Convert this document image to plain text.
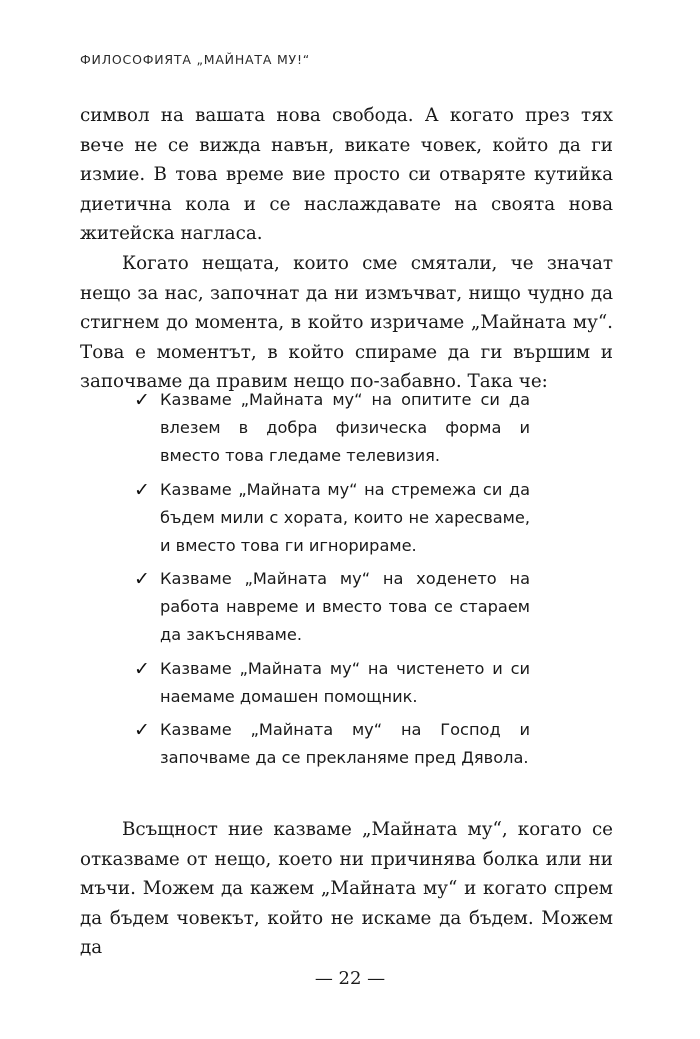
ФИЛОСОФИЯТА „МАЙНАТА МУ!“

символ на вашата нова свобода. А когато през тях вече не се вижда навън, викате човек, който да ги измие. В това време вие просто си отваряте кутийка диетична кола и се наслаждавате на своята нова житейска нагласа.

Когато нещата, които сме смятали, че значат нещо за нас, започнат да ни измъчват, нищо чудно да стигнем до момента, в който изричаме „Майната му“. Това е моментът, в който спираме да ги вършим и започваме да правим нещо по-забавно. Така че:

✓ Казваме „Майната му“ на опитите си да влезем в добра физическа форма и вместо това гледаме телевизия.
✓ Казваме „Майната му“ на стремежа си да бъдем мили с хората, които не харесваме, и вместо това ги игнорираме.
✓ Казваме „Майната му“ на ходенето на работа навреме и вместо това се стараем да закъсняваме.
✓ Казваме „Майната му“ на чистенето и си наемаме домашен помощник.
✓ Казваме „Майната му“ на Господ и започваме да се прекланяме пред Дявола.

Всъщност ние казваме „Майната му“, когато се отказваме от нещо, което ни причинява болка или ни мъчи. Можем да кажем „Майната му“ и когато спрем да бъдем човекът, който не искаме да бъдем. Можем да

— 22 —
